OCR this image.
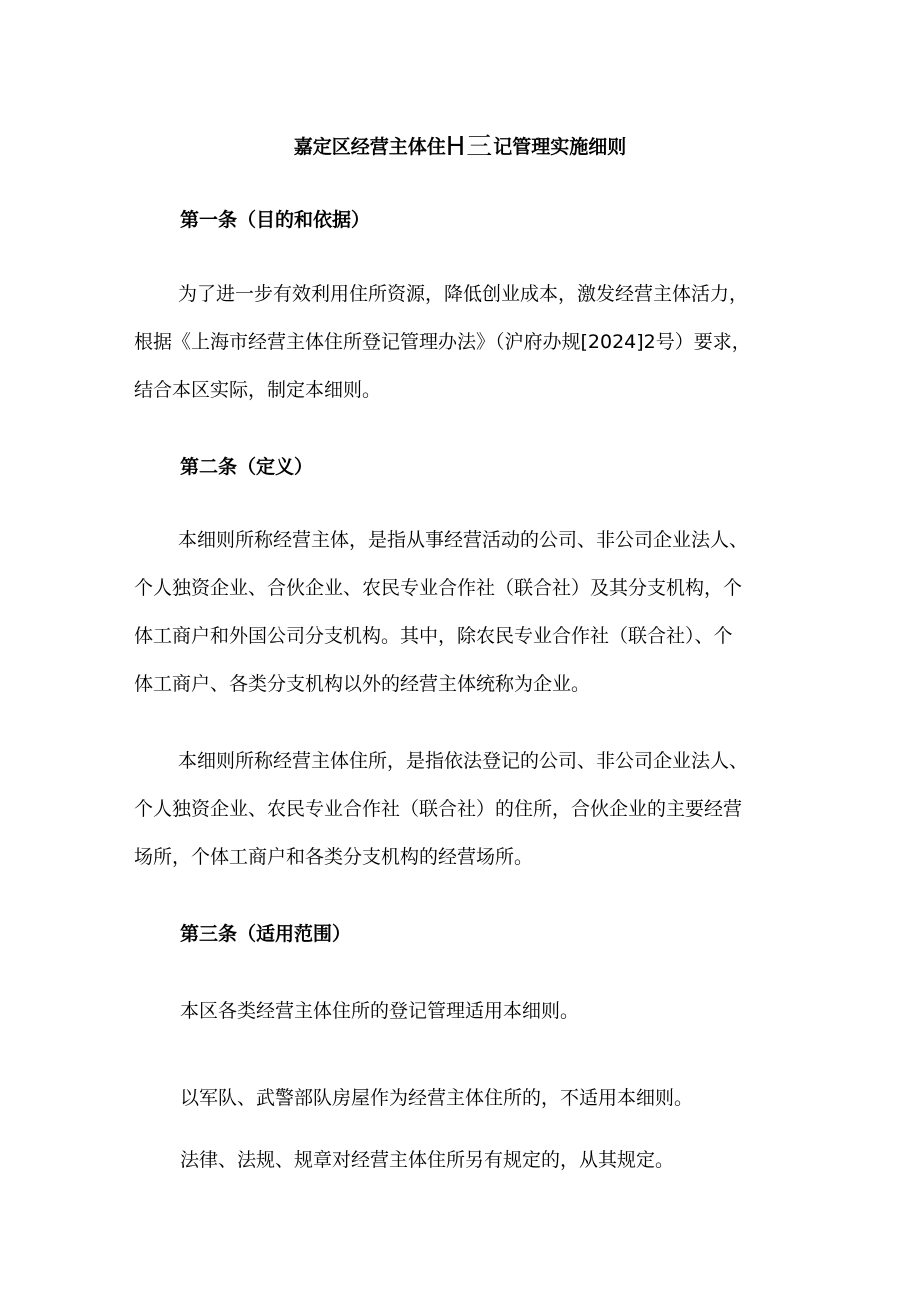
嘉定区经营主体住H三记管理实施细则
第一条（目的和依据）
为了进一步有效利用住所资源，降低创业成本，激发经营主体活力，
根据《上海市经营主体住所登记管理办法》（沪府办规[2024]2号）要求，
结合本区实际，制定本细则。
第二条（定义）
本细则所称经营主体，是指从事经营活动的公司、非公司企业法人、
个人独资企业、合伙企业、农民专业合作社（联合社）及其分支机构，个
体工商户和外国公司分支机构。其中，除农民专业合作社（联合社）、个
体工商户、各类分支机构以外的经营主体统称为企业。
本细则所称经营主体住所，是指依法登记的公司、非公司企业法人、
个人独资企业、农民专业合作社（联合社）的住所，合伙企业的主要经营
场所，个体工商户和各类分支机构的经营场所。
第三条（适用范围）
本区各类经营主体住所的登记管理适用本细则。
以军队、武警部队房屋作为经营主体住所的，不适用本细则。
法律、法规、规章对经营主体住所另有规定的，从其规定。
